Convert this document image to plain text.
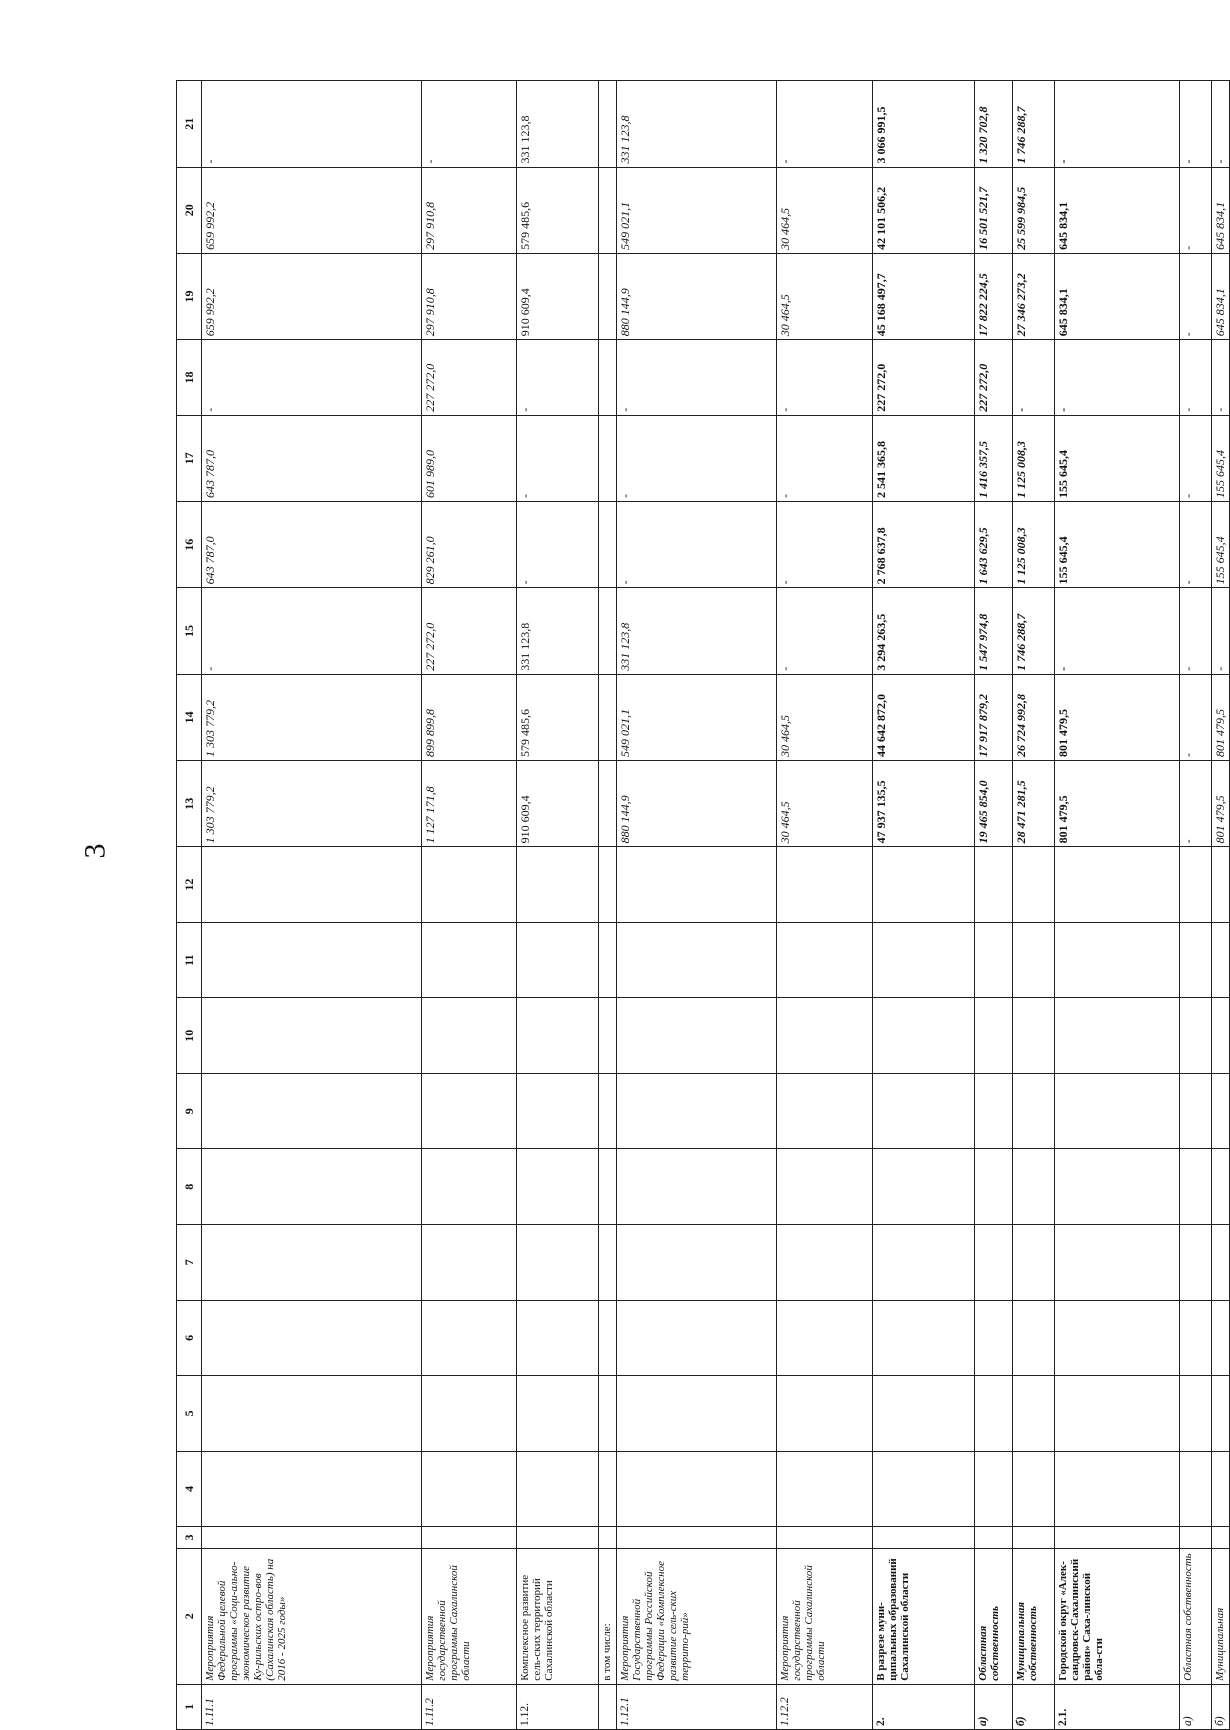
3
1	2	3	4	5	6	7	8	9	10	11	12	13	14	15	16	17	18	19	20	21
1.11.1	Мероприятия Федеральной целевой программы «Соци-ально-экономическое развитие Ку-рильских остро-вов (Сахалинская область) на 2016 - 2025 годы»											1 303 779,2	1 303 779,2	-	643 787,0	643 787,0	-	659 992,2	659 992,2	-
1.11.2	Мероприятия государственной программы Сахалинской области											1 127 171,8	899 899,8	227 272,0	829 261,0	601 989,0	227 272,0	297 910,8	297 910,8	-
1.12.	Комплексное развитие сель-ских территорий Сахалинской области											910 609,4	579 485,6	331 123,8	-	-	-	910 609,4	579 485,6	331 123,8
	в том числе:																			
1.12.1	Мероприятия Государственной программы Российской Федерации «Комплексное развитие сель-ских террито-рий»											880 144,9	549 021,1	331 123,8	-	-	-	880 144,9	549 021,1	331 123,8
1.12.2	Мероприятия государственной программы Сахалинской области											30 464,5	30 464,5	-	-	-	-	30 464,5	30 464,5	-
2.	В разрезе муни-ципальных образований Сахалинской области											47 937 135,5	44 642 872,0	3 294 263,5	2 768 637,8	2 541 365,8	227 272,0	45 168 497,7	42 101 506,2	3 066 991,5
а)	Областная собственность											19 465 854,0	17 917 879,2	1 547 974,8	1 643 629,5	1 416 357,5	227 272,0	17 822 224,5	16 501 521,7	1 320 702,8
б)	Муниципальная собственность											28 471 281,5	26 724 992,8	1 746 288,7	1 125 008,3	1 125 008,3	-	27 346 273,2	25 599 984,5	1 746 288,7
2.1.	Городской округ «Алек-сандровск-Сахалинский район» Саха-линской обла-сти											801 479,5	801 479,5	-	155 645,4	155 645,4	-	645 834,1	645 834,1	-
а)	Областная собственность											-	-	-	-	-	-	-	-	-
б)	Муниципальная											801 479,5	801 479,5	-	155 645,4	155 645,4	-	645 834,1	645 834,1	-
